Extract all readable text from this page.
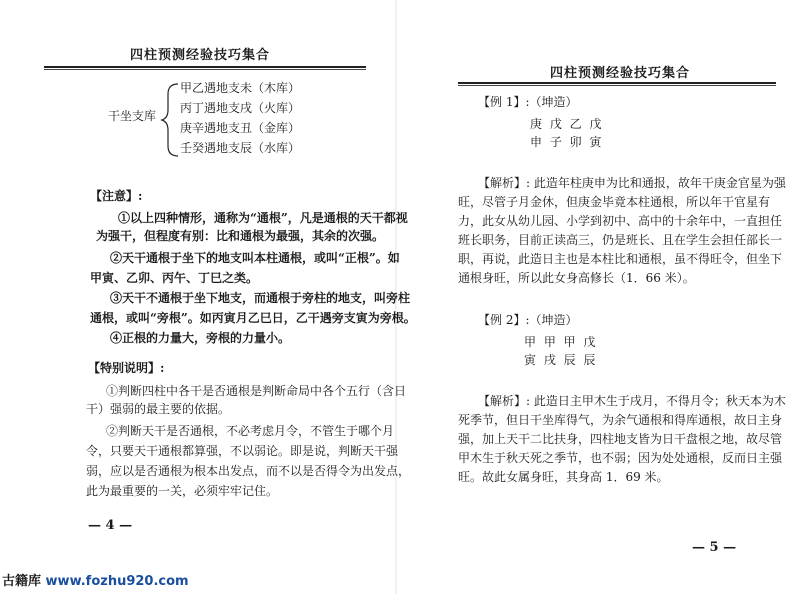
四柱预测经验技巧集合
干坐支库
甲乙遇地支未（木库）
丙丁遇地支戌（火库）
庚辛遇地支丑（金库）
壬癸遇地支辰（水库）
【注意】:
①以上四种情形，通称为“通根”，凡是通根的天干都视
为强干，但程度有别：比和通根为最强，其余的次强。
②天干通根于坐下的地支叫本柱通根，或叫“正根”。如
甲寅、乙卯、丙午、丁巳之类。
③天干不通根于坐下地支，而通根于旁柱的地支，叫旁柱
通根，或叫“旁根”。如丙寅月乙巳日，乙干遇旁支寅为旁根。
④正根的力量大，旁根的力量小。
【特别说明】:
①判断四柱中各干是否通根是判断命局中各个五行（含日
干）强弱的最主要的依据。
②判断天干是否通根，不必考虑月令，不管生于哪个月
令，只要天干通根都算强，不以弱论。即是说，判断天干强
弱，应以是否通根为根本出发点，而不以是否得令为出发点，
此为最重要的一关，必须牢牢记住。
— 4 —
四柱预测经验技巧集合
【例 1】:（坤造）
庚 戊 乙 戊
申 子 卯 寅
【解析】: 此造年柱庚申为比和通报，故年干庚金官星为强
旺，尽管子月金休，但庚金毕竟本柱通根，所以年干官星有
力，此女从幼儿园、小学到初中、高中的十余年中，一直担任
班长职务，目前正读高三，仍是班长、且在学生会担任部长一
职，再说，此造日主也是本柱比和通根，虽不得旺令，但坐下
通根身旺，所以此女身高修长（1．66 米）。
【例 2】:（坤造）
甲 甲 甲 戊
寅 戌 辰 辰
【解析】: 此造日主甲木生于戌月，不得月令；秋天本为木
死季节，但日干坐库得气，为余气通根和得库通根，故日主身
强，加上天干二比扶身，四柱地支皆为日干盘根之地，故尽管
甲木生于秋天死之季节，也不弱；因为处处通根，反而日主强
旺。故此女属身旺，其身高 1．69 米。
— 5 —
古籍库 www.fozhu920.com
